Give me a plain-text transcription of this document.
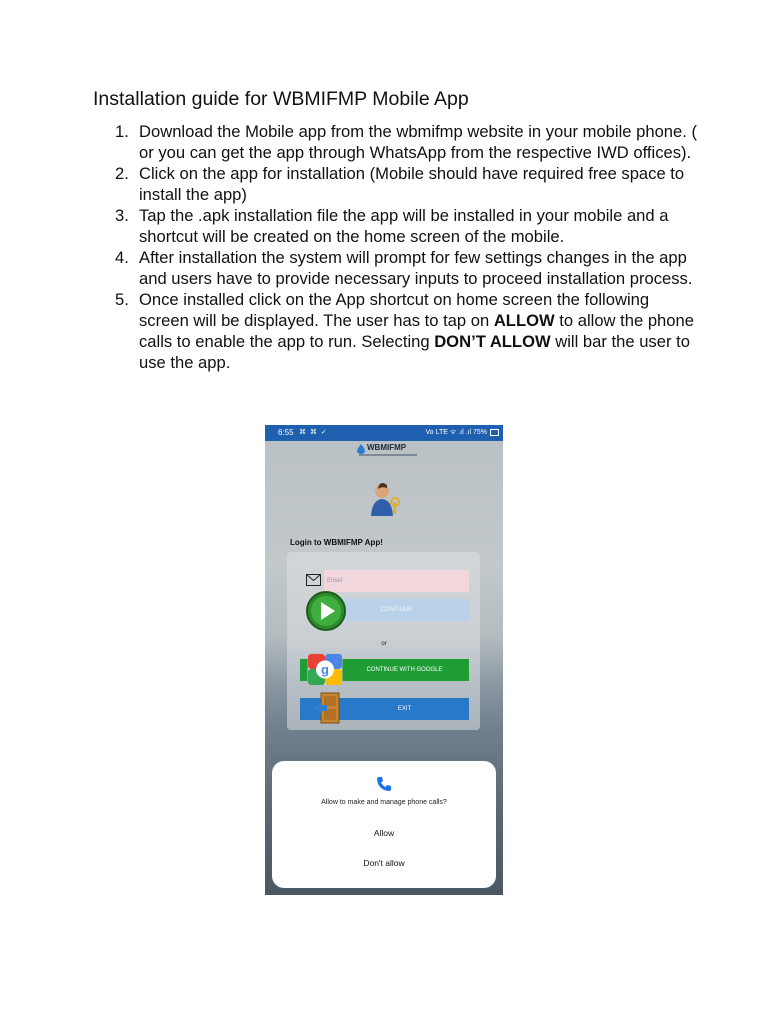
Installation guide for WBMIFMP Mobile App
1. Download the Mobile app from the wbmifmp website in your mobile phone. ( or you can get the app through WhatsApp from the respective IWD offices).
2. Click on the app for installation (Mobile should have required free space to install the app)
3. Tap the .apk installation file the app will be installed in your mobile and a shortcut will be created on the home screen of the mobile.
4. After installation the system will prompt for few settings changes in the app and users have to provide necessary inputs to proceed installation process.
5. Once installed click on the App shortcut on home screen the following screen will be displayed. The user has to tap on ALLOW to allow the phone calls to enable the app to run. Selecting DON’T ALLOW will bar the user to use the app.
6:55 ⌘ ⌘ ✓	Vo LTE ᯤ .ıl .ıl 75%
WBMIFMP
Login to WBMIFMP App!
Email
CONTINUE
or
CONTINUE WITH GOOGLE
g
EXIT
Allow to make and manage phone calls?
Allow
Don't allow
